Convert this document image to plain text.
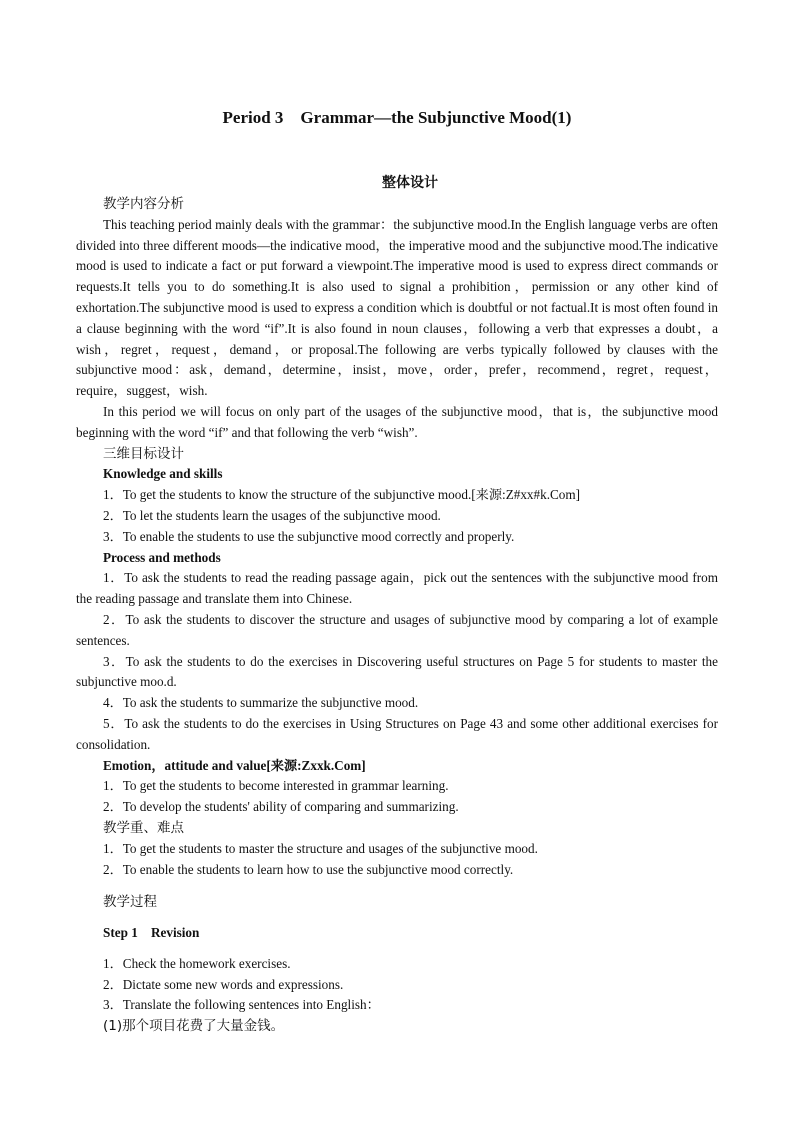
Period 3　Grammar—the Subjunctive Mood(1)
整体设计

教学内容分析

This teaching period mainly deals with the grammar：the subjunctive mood.In the English language verbs are often divided into three different moods—the indicative mood，the imperative mood and the subjunctive mood.The indicative mood is used to indicate a fact or put forward a viewpoint.The imperative mood is used to express direct commands or requests.It tells you to do something.It is also used to signal a prohibition，permission or any other kind of exhortation.The subjunctive mood is used to express a condition which is doubtful or not factual.It is most often found in a clause beginning with the word “if”.It is also found in noun clauses，following a verb that expresses a doubt，a wish，regret，request，demand，or proposal.The following are verbs typically followed by clauses with the subjunctive mood：ask，demand，determine，insist，move，order，prefer，recommend，regret，request，require，suggest，wish.

In this period we will focus on only part of the usages of the subjunctive mood，that is，the subjunctive mood beginning with the word “if” and that following the verb “wish”.

三维目标设计

Knowledge and skills

1．To get the students to know the structure of the subjunctive mood.[来源:Z#xx#k.Com]

2．To let the students learn the usages of the subjunctive mood.

3．To enable the students to use the subjunctive mood correctly and properly.

Process and methods

1．To ask the students to read the reading passage again，pick out the sentences with the subjunctive mood from the reading passage and translate them into Chinese.

2．To ask the students to discover the structure and usages of subjunctive mood by comparing a lot of example sentences.

3．To ask the students to do the exercises in Discovering useful structures on Page 5 for students to master the subjunctive moo.d.

4．To ask the students to summarize the subjunctive mood.

5．To ask the students to do the exercises in Using Structures on Page 43 and some other additional exercises for consolidation.

Emotion，attitude and value[来源:Zxxk.Com]

1．To get the students to become interested in grammar learning.

2．To develop the students' ability of comparing and summarizing.

教学重、难点

1．To get the students to master the structure and usages of the subjunctive mood.

2．To enable the students to learn how to use the subjunctive mood correctly.

教学过程

Step 1　Revision

1．Check the homework exercises.

2．Dictate some new words and expressions.

3．Translate the following sentences into English：

(1)那个项目花费了大量金钱。
